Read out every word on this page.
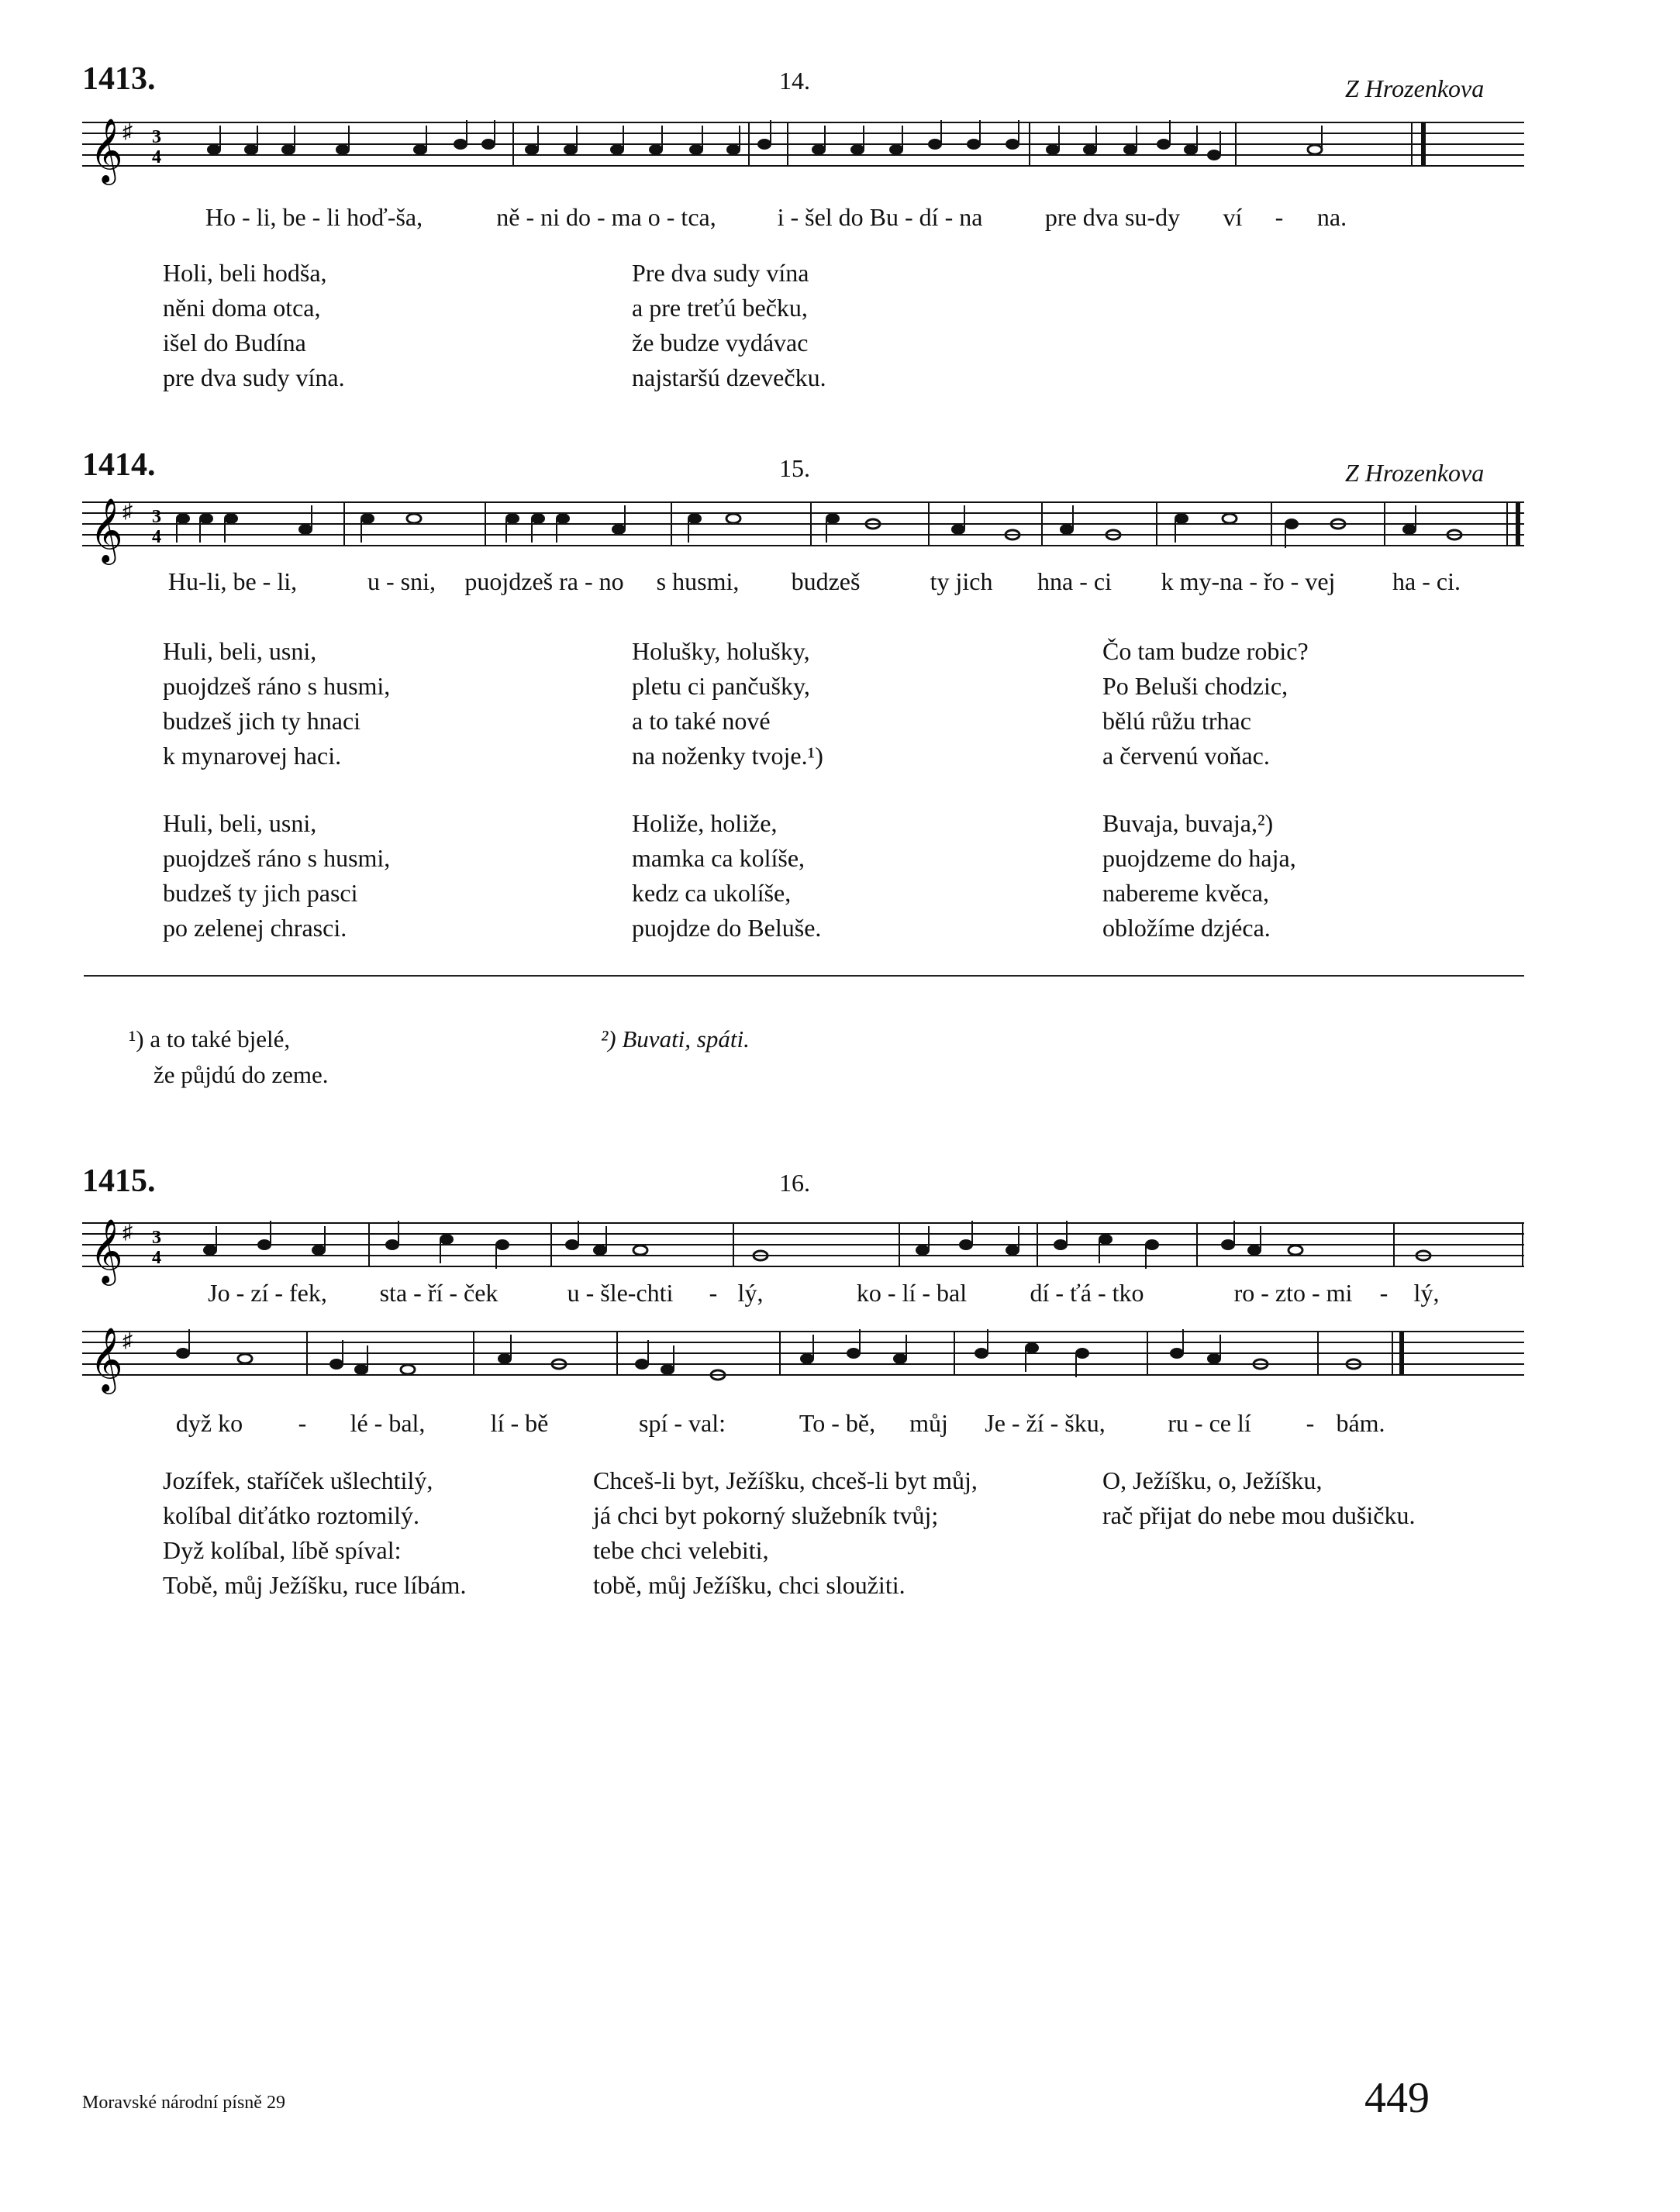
1413.	14.	Z Hrozenkova
𝄞 ♯ 3
4
Ho - li, be - li hoď-ša,	ně - ni do - ma o - tca, i - šel do Bu - dí - na	pre dva su-dy ví - na.
Holi, beli hodša,
něni doma otca,
išel do Budína
pre dva sudy vína.
Pre dva sudy vína
a pre treťú bečku,
že budze vydávac
najstaršú dzevečku.
1414.	15.	Z Hrozenkova
𝄞 ♯ 3
4
Hu-li, be - li,	u - sni, puojdzeš ra - no s husmi, budzeš	ty jich hna - ci k my-na - řo - vej ha - ci.
Huli, beli, usni,
puojdzeš ráno s husmi,
budzeš jich ty hnaci
k mynarovej haci.
Holušky, holušky,
pletu ci pančušky,
a to také nové
na noženky tvoje.¹)
Čo tam budze robic?
Po Beluši chodzic,
bělú růžu trhac
a červenú voňac.
Huli, beli, usni,
puojdzeš ráno s husmi,
budzeš ty jich pasci
po zelenej chrasci.
Holiže, holiže,
mamka ca kolíše,
kedz ca ukolíše,
puojdze do Beluše.
Buvaja, buvaja,²)
puojdzeme do haja,
nabereme kvěca,
obložíme dzjéca.
¹) a to také bjelé,
že půjdú do zeme.
²) Buvati, spáti.
1415.	16.
𝄞 ♯ 3
4
Jo - zí - fek, sta - ří - ček	u - šle-chti - lý,	ko - lí - bal	dí - ťá - tko	ro - zto - mi - lý,
𝄞 ♯
dyž ko - lé - bal,	lí - bě	spí - val:	To - bě, můj Je - ží - šku,	ru - ce lí - bám.
Jozífek, staříček ušlechtilý,
kolíbal diťátko roztomilý.
Dyž kolíbal, líbě spíval:
Tobě, můj Ježíšku, ruce líbám.
Chceš-li byt, Ježíšku, chceš-li byt můj,
já chci byt pokorný služebník tvůj;
tebe chci velebiti,
tobě, můj Ježíšku, chci sloužiti.
O, Ježíšku, o, Ježíšku,
rač přijat do nebe mou dušičku.
Moravské národní písně 29	449
